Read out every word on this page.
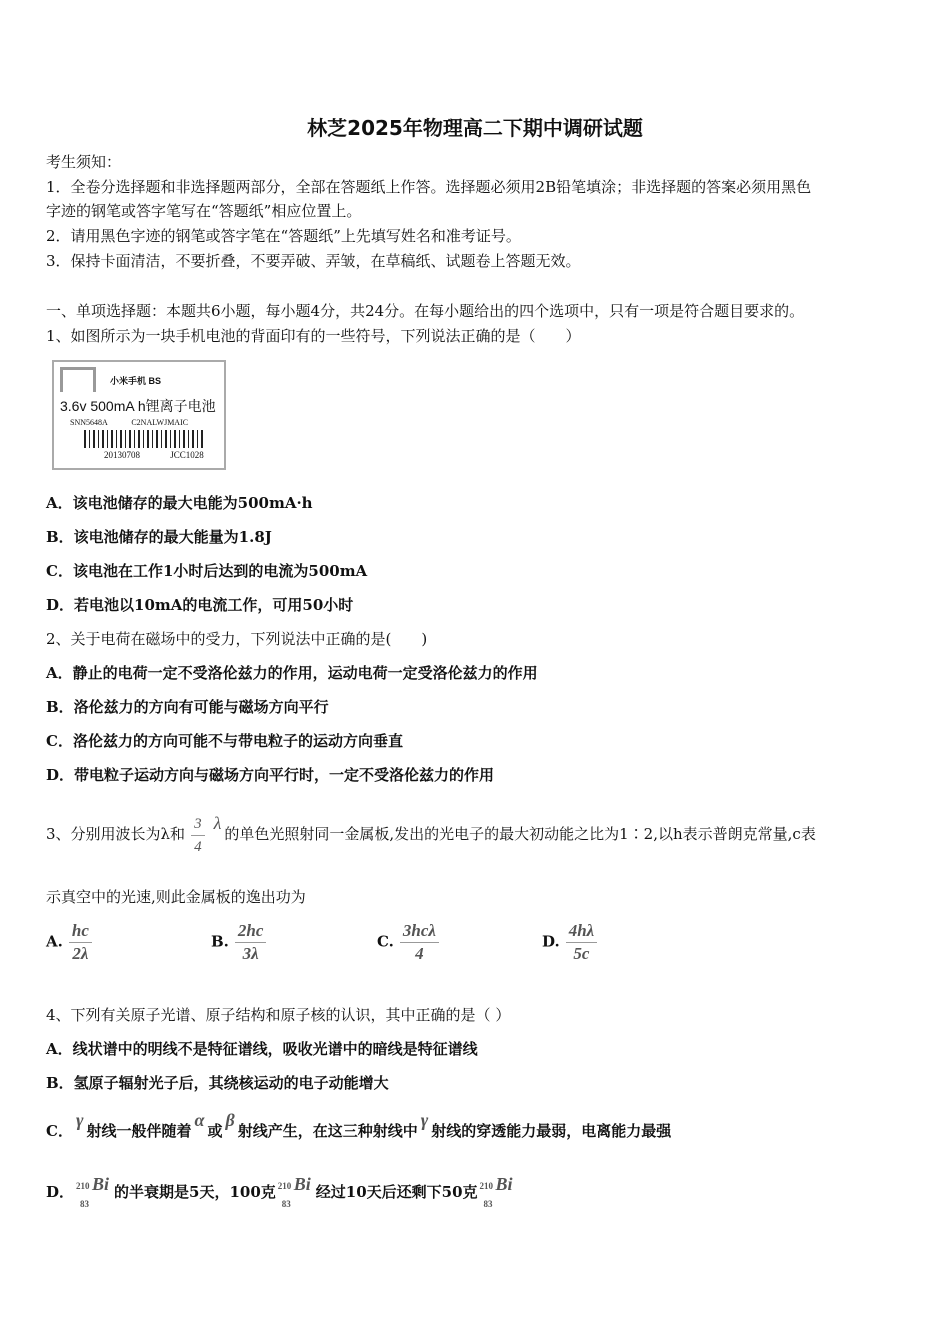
林芝2025年物理高二下期中调研试题
考生须知：
1．全卷分选择题和非选择题两部分，全部在答题纸上作答。选择题必须用2B铅笔填涂；非选择题的答案必须用黑色
字迹的钢笔或答字笔写在“答题纸”相应位置上。
2．请用黑色字迹的钢笔或答字笔在“答题纸”上先填写姓名和准考证号。
3．保持卡面清洁，不要折叠，不要弄破、弄皱，在草稿纸、试题卷上答题无效。
一、单项选择题：本题共6小题，每小题4分，共24分。在每小题给出的四个选项中，只有一项是符合题目要求的。
1、如图所示为一块手机电池的背面印有的一些符号，下列说法正确的是（　　）
小米手机 BS
3.6v 500mA h锂离子电池
SNN5648A	C2NALWJMAIC
20130708	JCC1028
A．该电池储存的最大电能为500mA·h
B．该电池储存的最大能量为1.8J
C．该电池在工作1小时后达到的电流为500mA
D．若电池以10mA的电流工作，可用50小时
2、关于电荷在磁场中的受力，下列说法中正确的是(　　)
A．静止的电荷一定不受洛伦兹力的作用，运动电荷一定受洛伦兹力的作用
B．洛伦兹力的方向有可能与磁场方向平行
C．洛伦兹力的方向可能不与带电粒子的运动方向垂直
D．带电粒子运动方向与磁场方向平行时，一定不受洛伦兹力的作用
3、分别用波长为λ和 $\frac{3}{4}$ λ的单色光照射同一金属板,发出的光电子的最大初动能之比为1∶2,以h表示普朗克常量,c表
示真空中的光速,则此金属板的逸出功为
A. $\frac{hc}{2\lambda}$	B. $\frac{2hc}{3\lambda}$	C. $\frac{\text{3hcλ}}{4}$	D. $\frac{4h\lambda}{5c}$
4、下列有关原子光谱、原子结构和原子核的认识，其中正确的是（ ）
A．线状谱中的明线不是特征谱线，吸收光谱中的暗线是特征谱线
B．氢原子辐射光子后，其绕核运动的电子动能增大
C．γ射线一般伴随着α或β射线产生，在这三种射线中γ射线的穿透能力最弱，电离能力最强
D． 210
83
Bi 的半衰期是5天，100克 210
83
Bi 经过10天后还剩下50克 210
83
Bi
